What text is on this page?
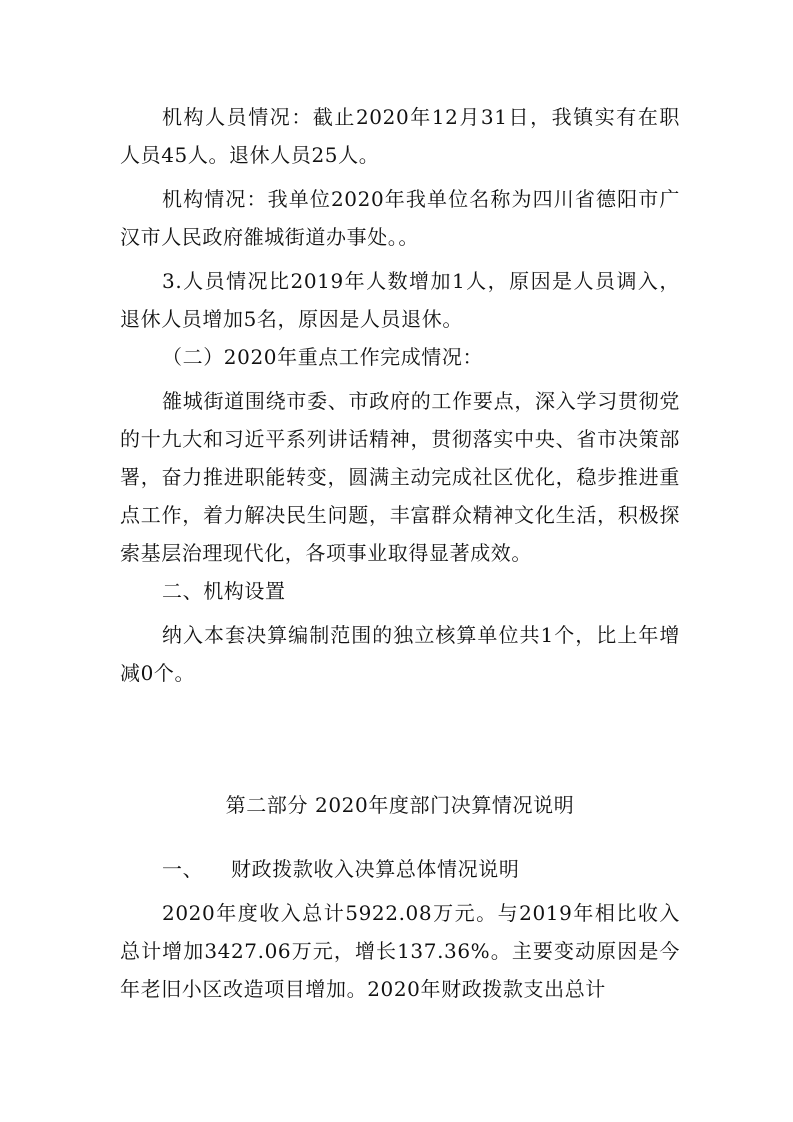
机构人员情况：截止2020年12月31日，我镇实有在职人员45人。退休人员25人。

机构情况：我单位2020年我单位名称为四川省德阳市广汉市人民政府雒城街道办事处。。

3.人员情况比2019年人数增加1人，原因是人员调入，退休人员增加5名，原因是人员退休。

（二）2020年重点工作完成情况：

雒城街道围绕市委、市政府的工作要点，深入学习贯彻党的十九大和习近平系列讲话精神，贯彻落实中央、省市决策部署，奋力推进职能转变，圆满主动完成社区优化，稳步推进重点工作，着力解决民生问题，丰富群众精神文化生活，积极探索基层治理现代化，各项事业取得显著成效。

二、机构设置

纳入本套决算编制范围的独立核算单位共1个，比上年增减0个。

第二部分 2020年度部门决算情况说明

一、    财政拨款收入决算总体情况说明

2020年度收入总计5922.08万元。与2019年相比收入总计增加3427.06万元，增长137.36%。主要变动原因是今年老旧小区改造项目增加。2020年财政拨款支出总计
